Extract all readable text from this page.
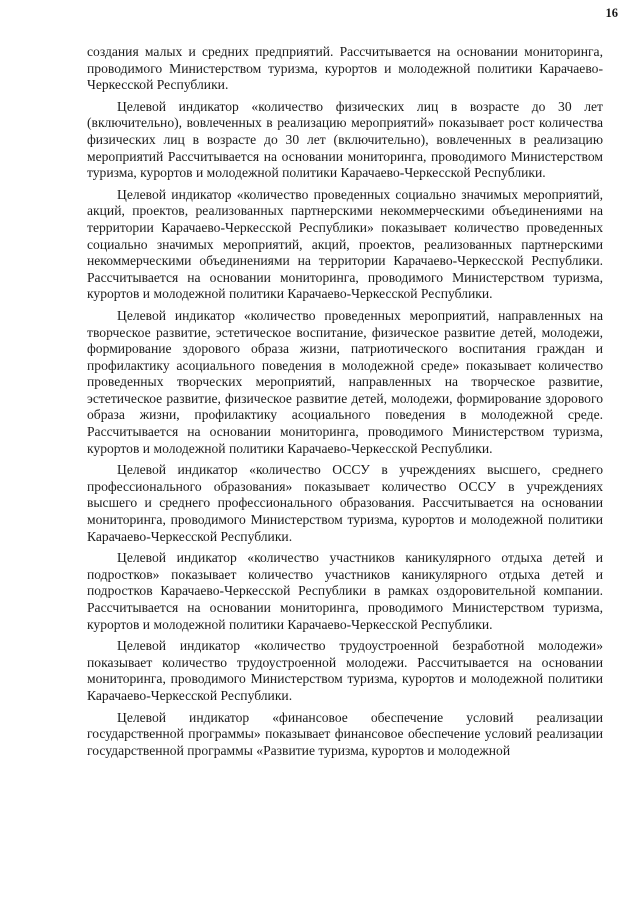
16

создания малых и средних предприятий. Рассчитывается на основании мониторинга, проводимого Министерством туризма, курортов и молодежной политики Карачаево-Черкесской Республики.

Целевой индикатор «количество физических лиц в возрасте до 30 лет (включительно), вовлеченных в реализацию мероприятий» показывает рост количества физических лиц в возрасте до 30 лет (включительно), вовлеченных в реализацию мероприятий Рассчитывается на основании мониторинга, проводимого Министерством туризма, курортов и молодежной политики Карачаево-Черкесской Республики.

Целевой индикатор «количество проведенных социально значимых мероприятий, акций, проектов, реализованных партнерскими некоммерческими объединениями на территории Карачаево-Черкесской Республики» показывает количество проведенных социально значимых мероприятий, акций, проектов, реализованных партнерскими некоммерческими объединениями на территории Карачаево-Черкесской Республики. Рассчитывается на основании мониторинга, проводимого Министерством туризма, курортов и молодежной политики Карачаево-Черкесской Республики.

Целевой индикатор «количество проведенных мероприятий, направленных на творческое развитие, эстетическое воспитание, физическое развитие детей, молодежи, формирование здорового образа жизни, патриотического воспитания граждан и профилактику асоциального поведения в молодежной среде» показывает количество проведенных творческих мероприятий, направленных на творческое развитие, эстетическое развитие, физическое развитие детей, молодежи, формирование здорового образа жизни, профилактику асоциального поведения в молодежной среде. Рассчитывается на основании мониторинга, проводимого Министерством туризма, курортов и молодежной политики Карачаево-Черкесской Республики.

Целевой индикатор «количество ОССУ в учреждениях высшего, среднего профессионального образования» показывает количество ОССУ в учреждениях высшего и среднего профессионального образования. Рассчитывается на основании мониторинга, проводимого Министерством туризма, курортов и молодежной политики Карачаево-Черкесской Республики.

Целевой индикатор «количество участников каникулярного отдыха детей и подростков» показывает количество участников каникулярного отдыха детей и подростков Карачаево-Черкесской Республики в рамках оздоровительной компании. Рассчитывается на основании мониторинга, проводимого Министерством туризма, курортов и молодежной политики Карачаево-Черкесской Республики.

Целевой индикатор «количество трудоустроенной безработной молодежи» показывает количество трудоустроенной молодежи. Рассчитывается на основании мониторинга, проводимого Министерством туризма, курортов и молодежной политики Карачаево-Черкесской Республики.

Целевой индикатор «финансовое обеспечение условий реализации государственной программы» показывает финансовое обеспечение условий реализации государственной программы «Развитие туризма, курортов и молодежной
